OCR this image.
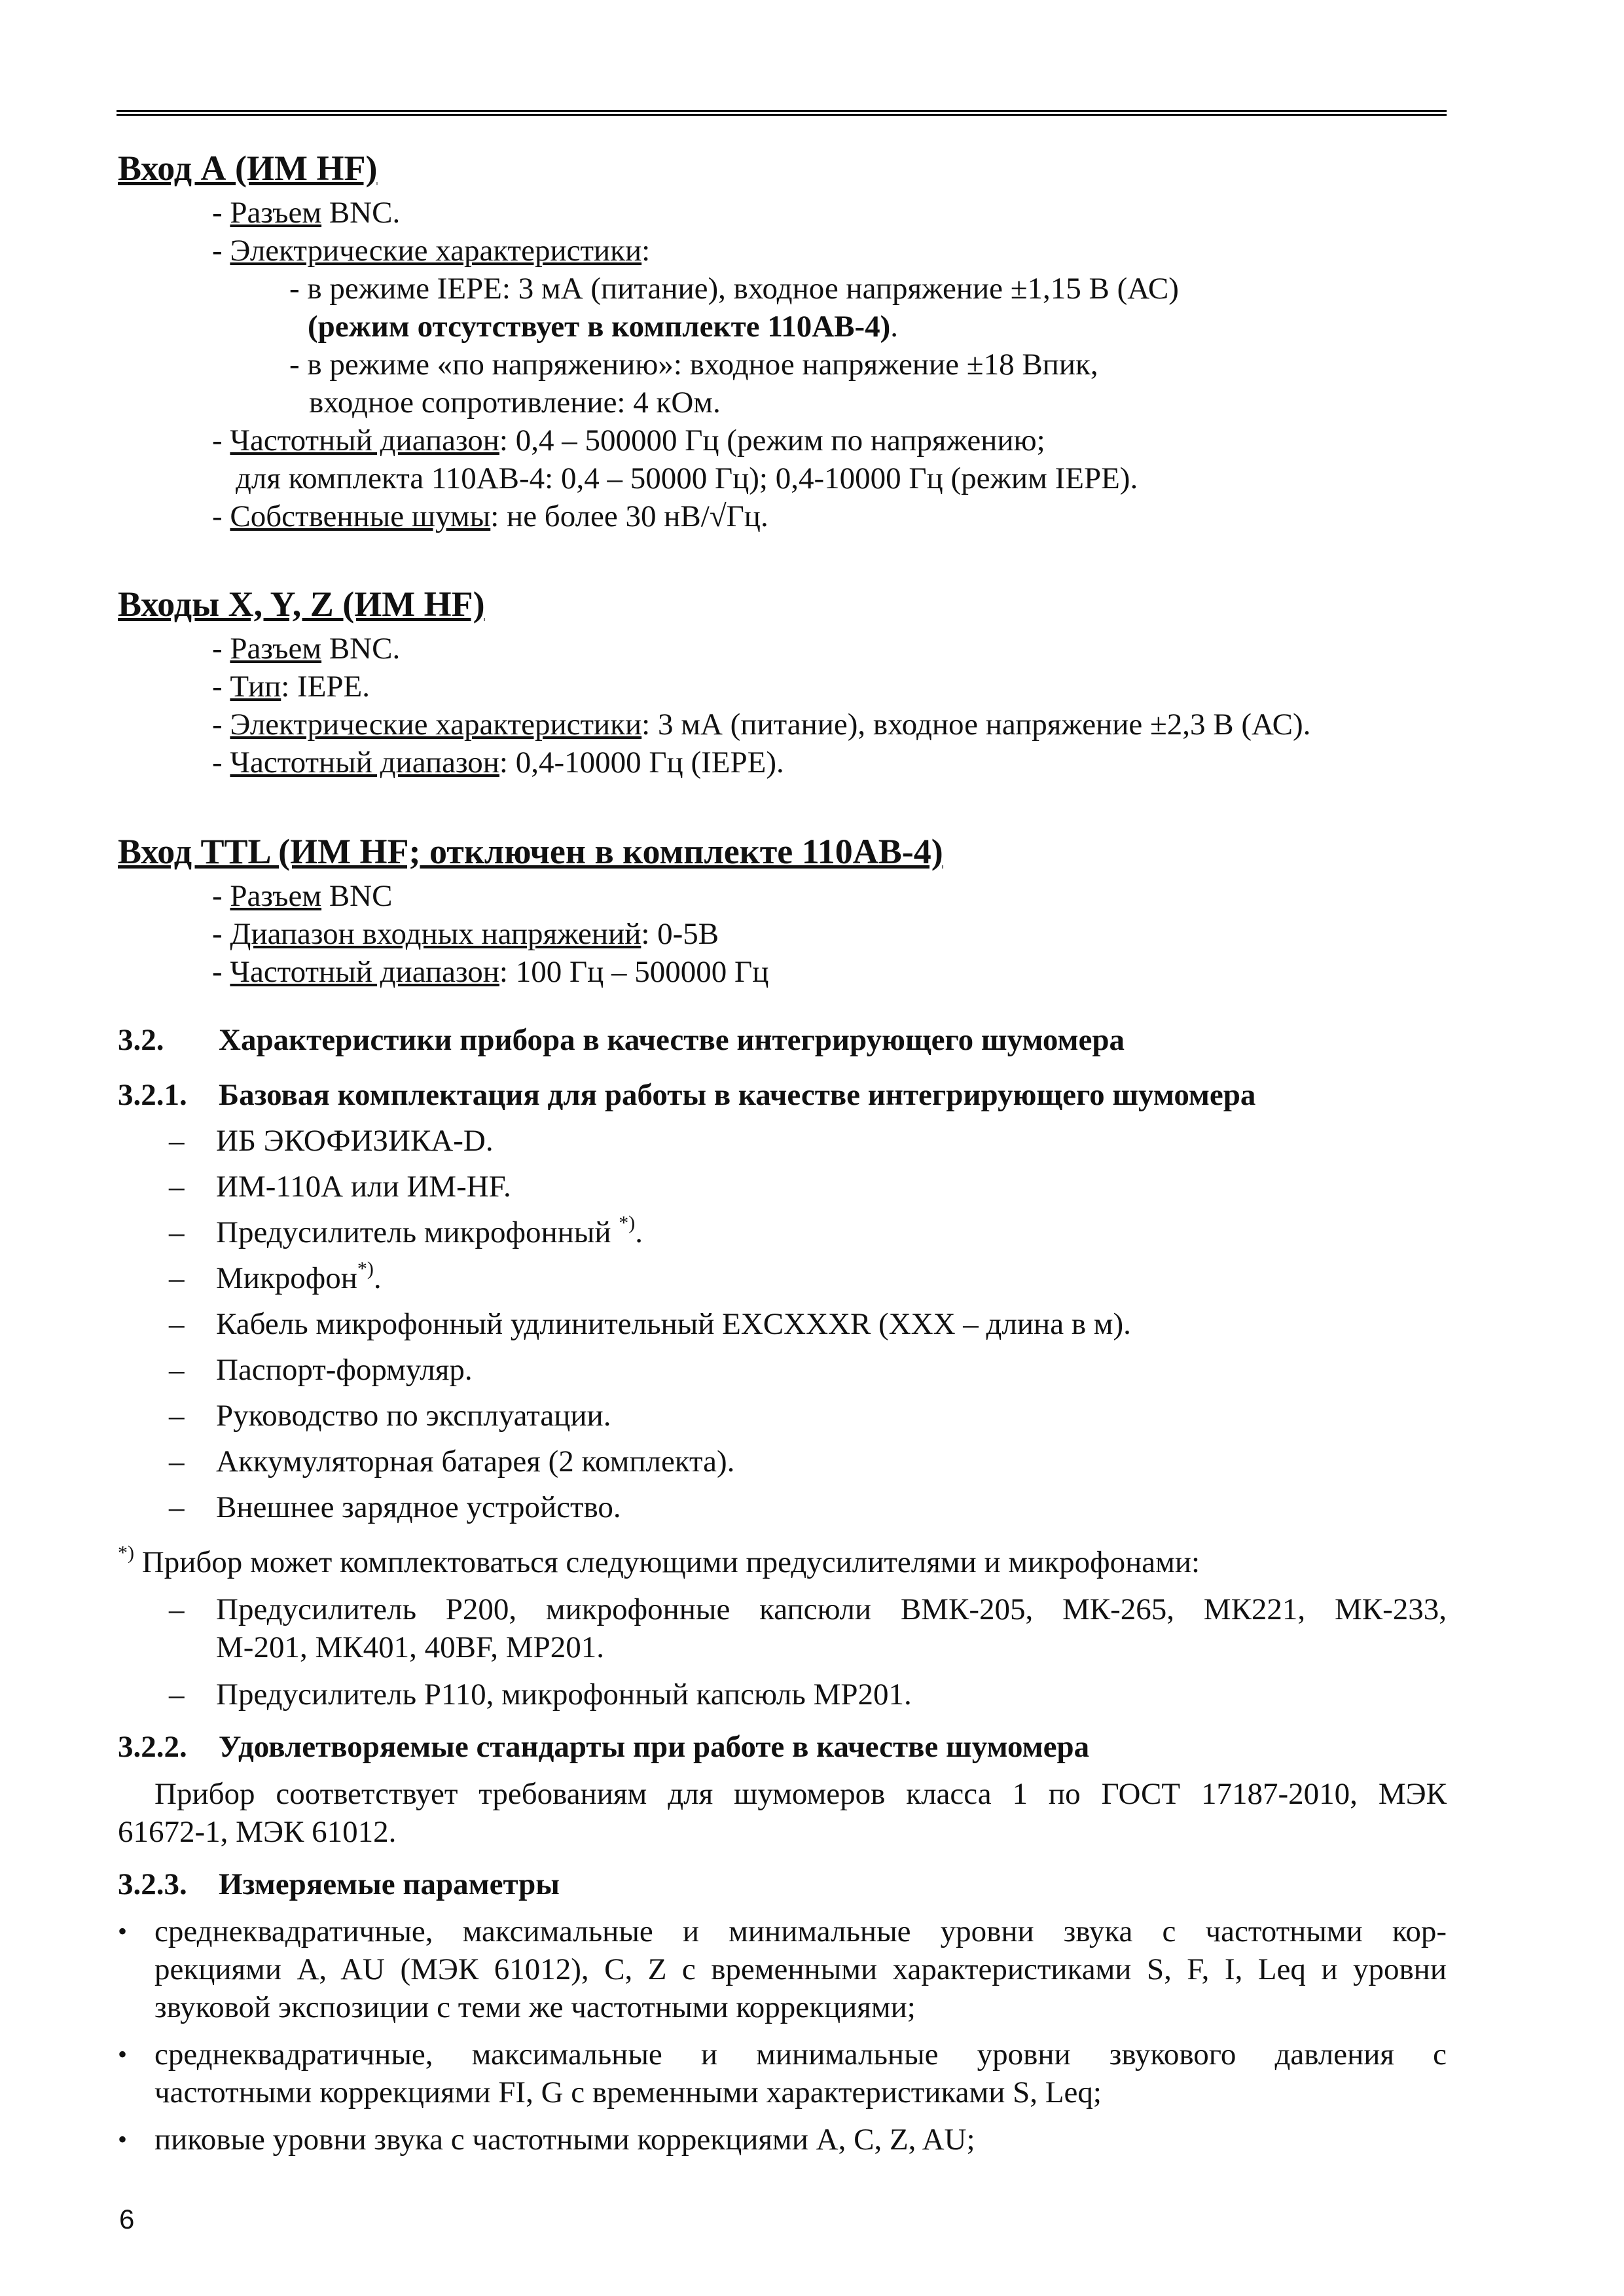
Вход А (ИМ HF)
- Разъем BNC.
- Электрические характеристики:
- в режиме IEPE: 3 мА (питание), входное напряжение ±1,15 В (АС)
(режим отсутствует в комплекте 110АВ-4).
- в режиме «по напряжению»: входное напряжение ±18 Впик,
входное сопротивление: 4 кОм.
- Частотный диапазон: 0,4 – 500000 Гц (режим по напряжению;
для комплекта 110АВ-4: 0,4 – 50000 Гц); 0,4-10000 Гц (режим IEPE).
- Собственные шумы: не более 30 нВ/√Гц.
Входы X, Y, Z (ИМ HF)
- Разъем BNC.
- Тип: IEPE.
- Электрические характеристики: 3 мА (питание), входное напряжение ±2,3 В (АС).
- Частотный диапазон: 0,4-10000 Гц (IEPE).
Вход TTL (ИМ HF; отключен в комплекте 110АВ-4)
- Разъем BNC
- Диапазон входных напряжений: 0-5В
- Частотный диапазон: 100 Гц – 500000 Гц
3.2. Характеристики прибора в качестве интегрирующего шумомера
3.2.1. Базовая комплектация для работы в качестве интегрирующего шумомера
– ИБ ЭКОФИЗИКА-D.
– ИМ-110А или ИМ-HF.
– Предусилитель микрофонный *).
– Микрофон*).
– Кабель микрофонный удлинительный EXCXXXR (XXX – длина в м).
– Паспорт-формуляр.
– Руководство по эксплуатации.
– Аккумуляторная батарея (2 комплекта).
– Внешнее зарядное устройство.
*) Прибор может комплектоваться следующими предусилителями и микрофонами:
– Предусилитель Р200, микрофонные капсюли ВМК-205, МК-265, МК221, МК-233,
М-201, МК401, 40BF, MP201.
– Предусилитель Р110, микрофонный капсюль MP201.
3.2.2. Удовлетворяемые стандарты при работе в качестве шумомера
Прибор соответствует требованиям для шумомеров класса 1 по ГОСТ 17187-2010, МЭК
61672-1, МЭК 61012.
3.2.3. Измеряемые параметры
• среднеквадратичные, максимальные и минимальные уровни звука с частотными кор-
рекциями A, AU (МЭК 61012), C, Z с временными характеристиками S, F, I, Leq и уровни
звуковой экспозиции с теми же частотными коррекциями;
• среднеквадратичные, максимальные и минимальные уровни звукового давления с
частотными коррекциями FI, G с временными характеристиками S, Leq;
• пиковые уровни звука с частотными коррекциями A, C, Z, AU;
6
